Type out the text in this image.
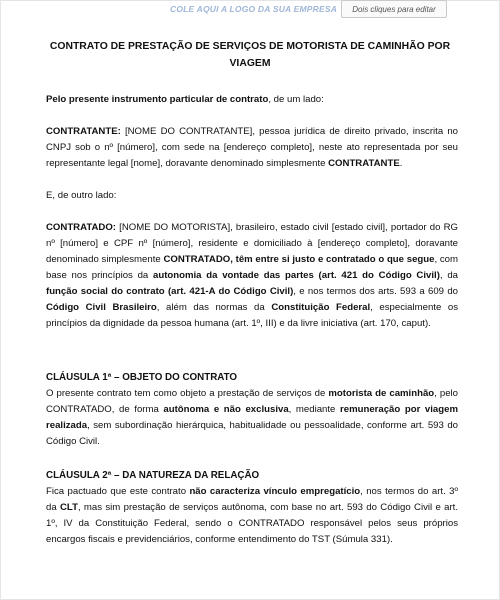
COLE AQUI A LOGO DA SUA EMPRESA	Dois cliques para editar
CONTRATO DE PRESTAÇÃO DE SERVIÇOS DE MOTORISTA DE CAMINHÃO POR VIAGEM
Pelo presente instrumento particular de contrato, de um lado:
CONTRATANTE: [NOME DO CONTRATANTE], pessoa jurídica de direito privado, inscrita no CNPJ sob o nº [número], com sede na [endereço completo], neste ato representada por seu representante legal [nome], doravante denominado simplesmente CONTRATANTE.
E, de outro lado:
CONTRATADO: [NOME DO MOTORISTA], brasileiro, estado civil [estado civil], portador do RG nº [número] e CPF nº [número], residente e domiciliado à [endereço completo], doravante denominado simplesmente CONTRATADO, têm entre si justo e contratado o que segue, com base nos princípios da autonomia da vontade das partes (art. 421 do Código Civil), da função social do contrato (art. 421-A do Código Civil), e nos termos dos arts. 593 a 609 do Código Civil Brasileiro, além das normas da Constituição Federal, especialmente os princípios da dignidade da pessoa humana (art. 1º, III) e da livre iniciativa (art. 170, caput).
CLÁUSULA 1ª – OBJETO DO CONTRATO
O presente contrato tem como objeto a prestação de serviços de motorista de caminhão, pelo CONTRATADO, de forma autônoma e não exclusiva, mediante remuneração por viagem realizada, sem subordinação hierárquica, habitualidade ou pessoalidade, conforme art. 593 do Código Civil.
CLÁUSULA 2ª – DA NATUREZA DA RELAÇÃO
Fica pactuado que este contrato não caracteriza vínculo empregatício, nos termos do art. 3º da CLT, mas sim prestação de serviços autônoma, com base no art. 593 do Código Civil e art. 1º, IV da Constituição Federal, sendo o CONTRATADO responsável pelos seus próprios encargos fiscais e previdenciários, conforme entendimento do TST (Súmula 331).
